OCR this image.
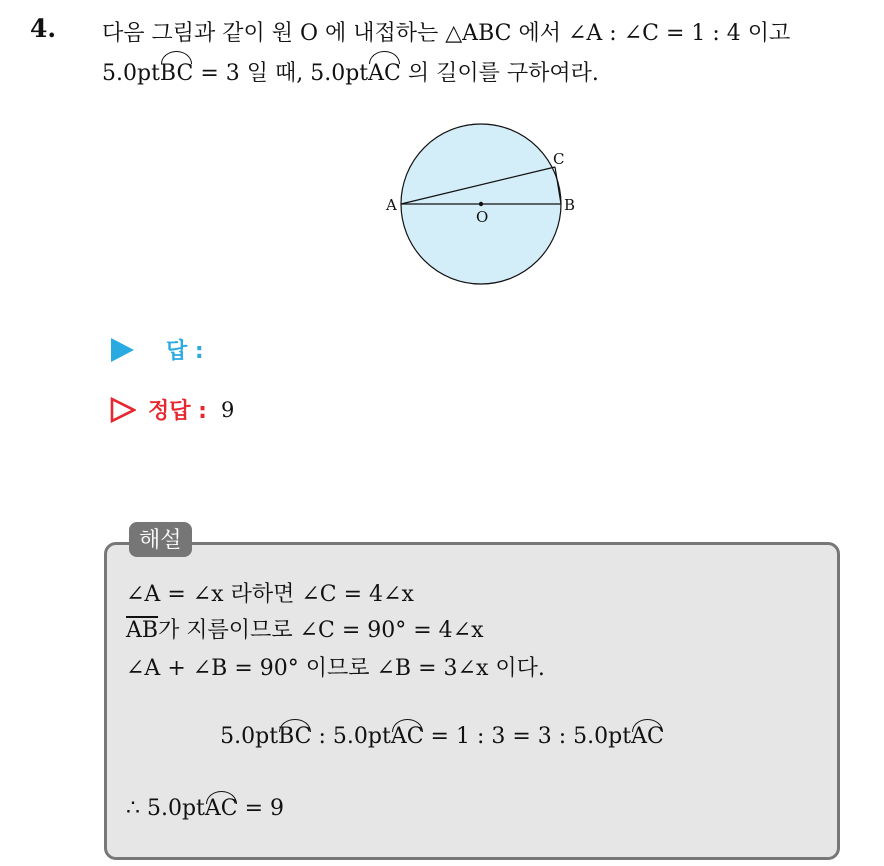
4. 다음 그림과 같이 원 O 에 내접하는 △ABC 에서 ∠A : ∠C = 1 : 4 이고
5.0ptBC = 3 일 때, 5.0ptAC 의 길이를 구하여라.
A	B
C
O
답 :
정답 : 9
해설
∠A = ∠x 라하면 ∠C = 4∠x
$\overline{AB}$가 지름이므로 ∠C = 90° = 4∠x
∠A + ∠B = 90° 이므로 ∠B = 3∠x 이다.
5.0ptBC : 5.0ptAC = 1 : 3 = 3 : 5.0ptAC
∴ 5.0ptAC = 9
